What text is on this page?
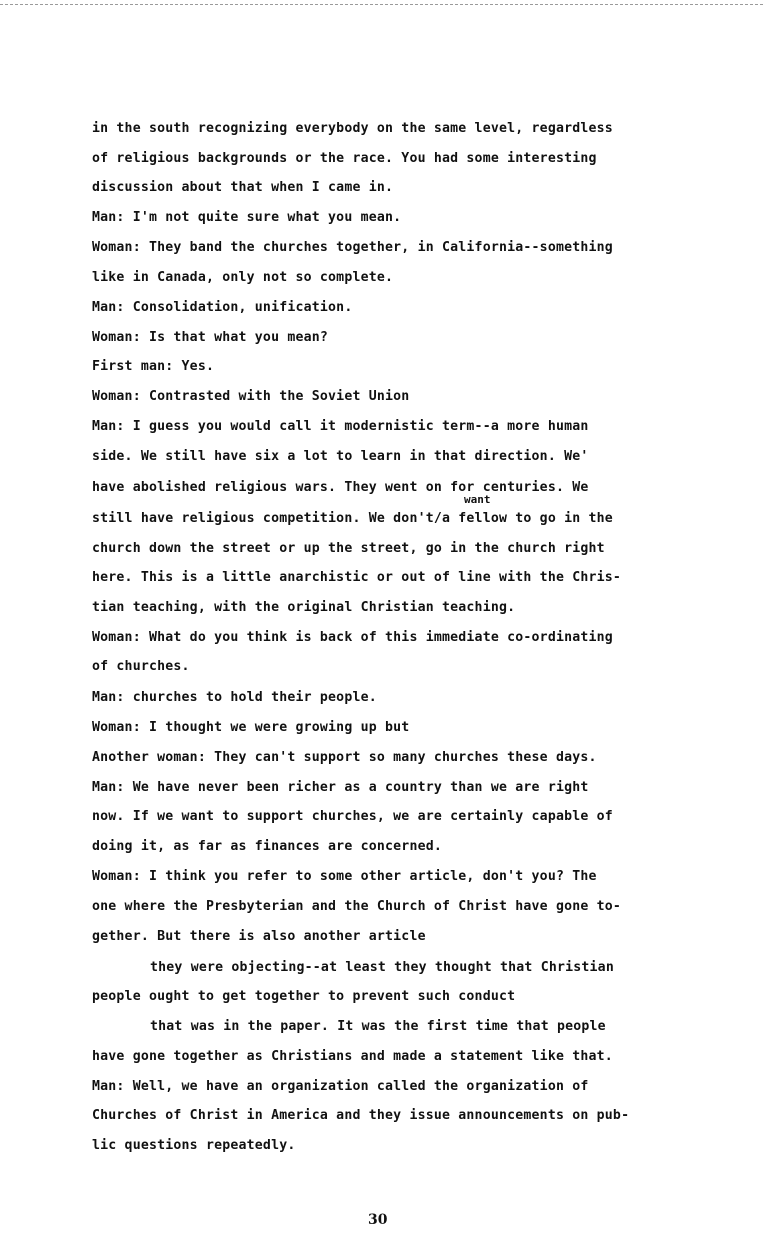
in the south recognizing everybody on the same level, regardless
of religious backgrounds or the race. You had some interesting
discussion about that when I came in.
Man: I'm not quite sure what you mean.
Woman: They band the churches together, in California--something
like in Canada, only not so complete.
Man: Consolidation, unification.
Woman: Is that what you mean?
First man: Yes.
Woman: Contrasted with the Soviet Union
Man: I guess you would call it modernistic term--a more human
side. We still have six a lot to learn in that direction. We'
have abolished religious wars. They went on for centuries. We
want
still have religious competition. We don't/a fellow to go in the
church down the street or up the street, go in the church right
here. This is a little anarchistic or out of line with the Chris-
tian teaching, with the original Christian teaching.
Woman: What do you think is back of this immediate co-ordinating
of churches.
Man: churches to hold their people.
Woman: I thought we were growing up but
Another woman: They can't support so many churches these days.
Man: We have never been richer as a country than we are right
now. If we want to support churches, we are certainly capable of
doing it, as far as finances are concerned.
Woman: I think you refer to some other article, don't you? The
one where the Presbyterian and the Church of Christ have gone to-
gether. But there is also another article
they were objecting--at least they thought that Christian
people ought to get together to prevent such conduct
that was in the paper. It was the first time that people
have gone together as Christians and made a statement like that.
Man: Well, we have an organization called the organization of
Churches of Christ in America and they issue announcements on pub-
lic questions repeatedly.
30
